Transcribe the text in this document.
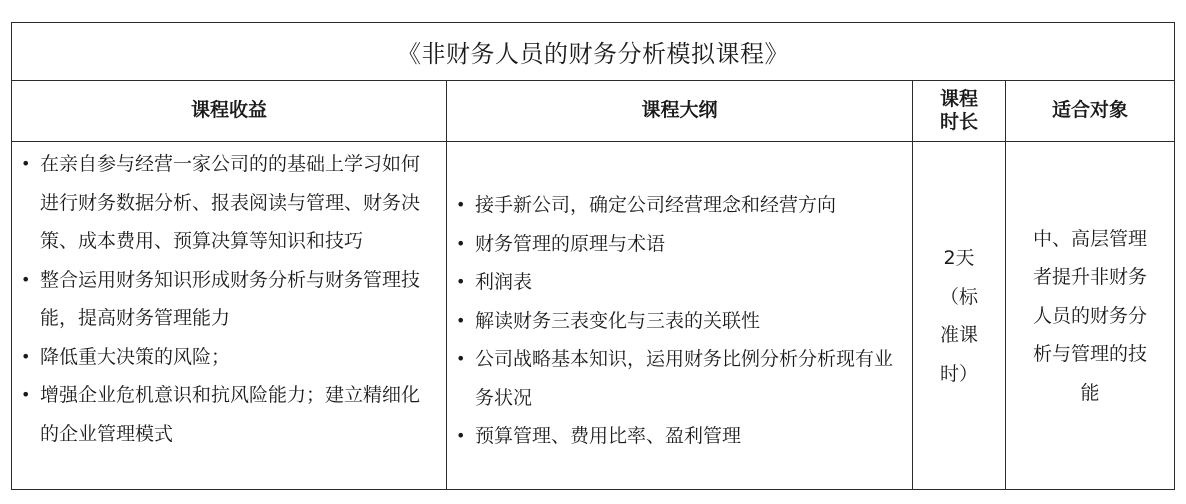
《非财务人员的财务分析模拟课程》
课程收益	课程大纲
课程
时长
适合对象
• 在亲自参与经营一家公司的的基础上学习如何进行财务数据分析、报表阅读与管理、财务决策、成本费用、预算决算等知识和技巧
• 整合运用财务知识形成财务分析与财务管理技能，提高财务管理能力
• 降低重大决策的风险；
• 增强企业危机意识和抗风险能力；建立精细化的企业管理模式
• 接手新公司，确定公司经营理念和经营方向
• 财务管理的原理与术语
• 利润表
• 解读财务三表变化与三表的关联性
• 公司战略基本知识，运用财务比例分析分析现有业务状况
• 预算管理、费用比率、盈利管理
2天（标准课时）
中、高层管理者提升非财务人员的财务分析与管理的技能
